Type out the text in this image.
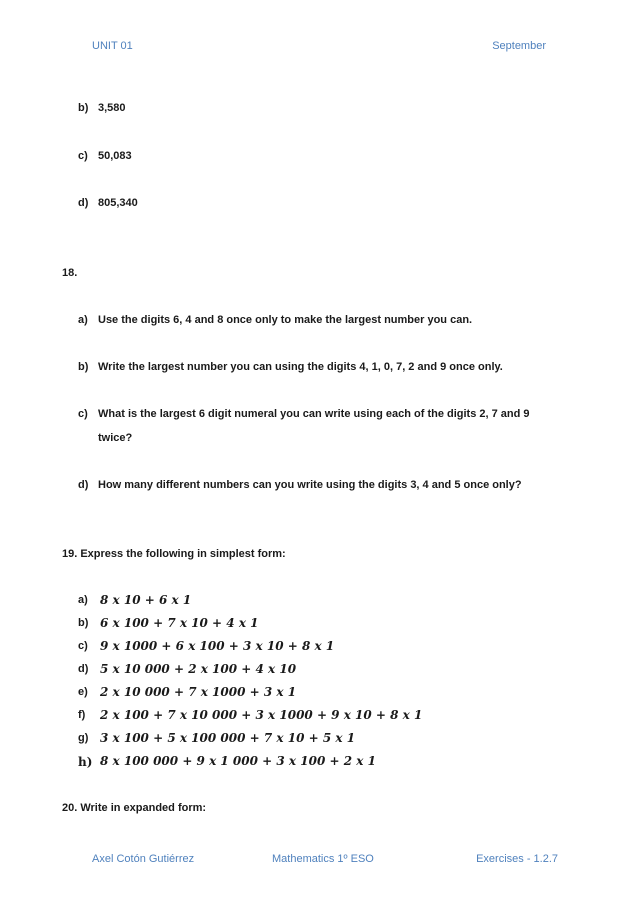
UNIT 01	September
b) 3,580
c) 50,083
d) 805,340
18.
a) Use the digits 6, 4 and 8 once only to make the largest number you can.
b) Write the largest number you can using the digits 4, 1, 0, 7, 2 and 9 once only.
c) What is the largest 6 digit numeral you can write using each of the digits 2, 7 and 9
twice?
d) How many different numbers can you write using the digits 3, 4 and 5 once only?
19. Express the following in simplest form:
a) 8 x 10 + 6 x 1
b) 6 x 100 + 7 x 10 + 4 x 1
c) 9 x 1000 + 6 x 100 + 3 x 10 + 8 x 1
d) 5 x 10 000 + 2 x 100 + 4 x 10
e) 2 x 10 000 + 7 x 1000 + 3 x 1
f) 2 x 100 + 7 x 10 000 + 3 x 1000 + 9 x 10 + 8 x 1
g) 3 x 100 + 5 x 100 000 + 7 x 10 + 5 x 1
h) 8 x 100 000 + 9 x 1 000 + 3 x 100 + 2 x 1
20. Write in expanded form:
Axel Cotón Gutiérrez	Mathematics 1º ESO	Exercises - 1.2.7
